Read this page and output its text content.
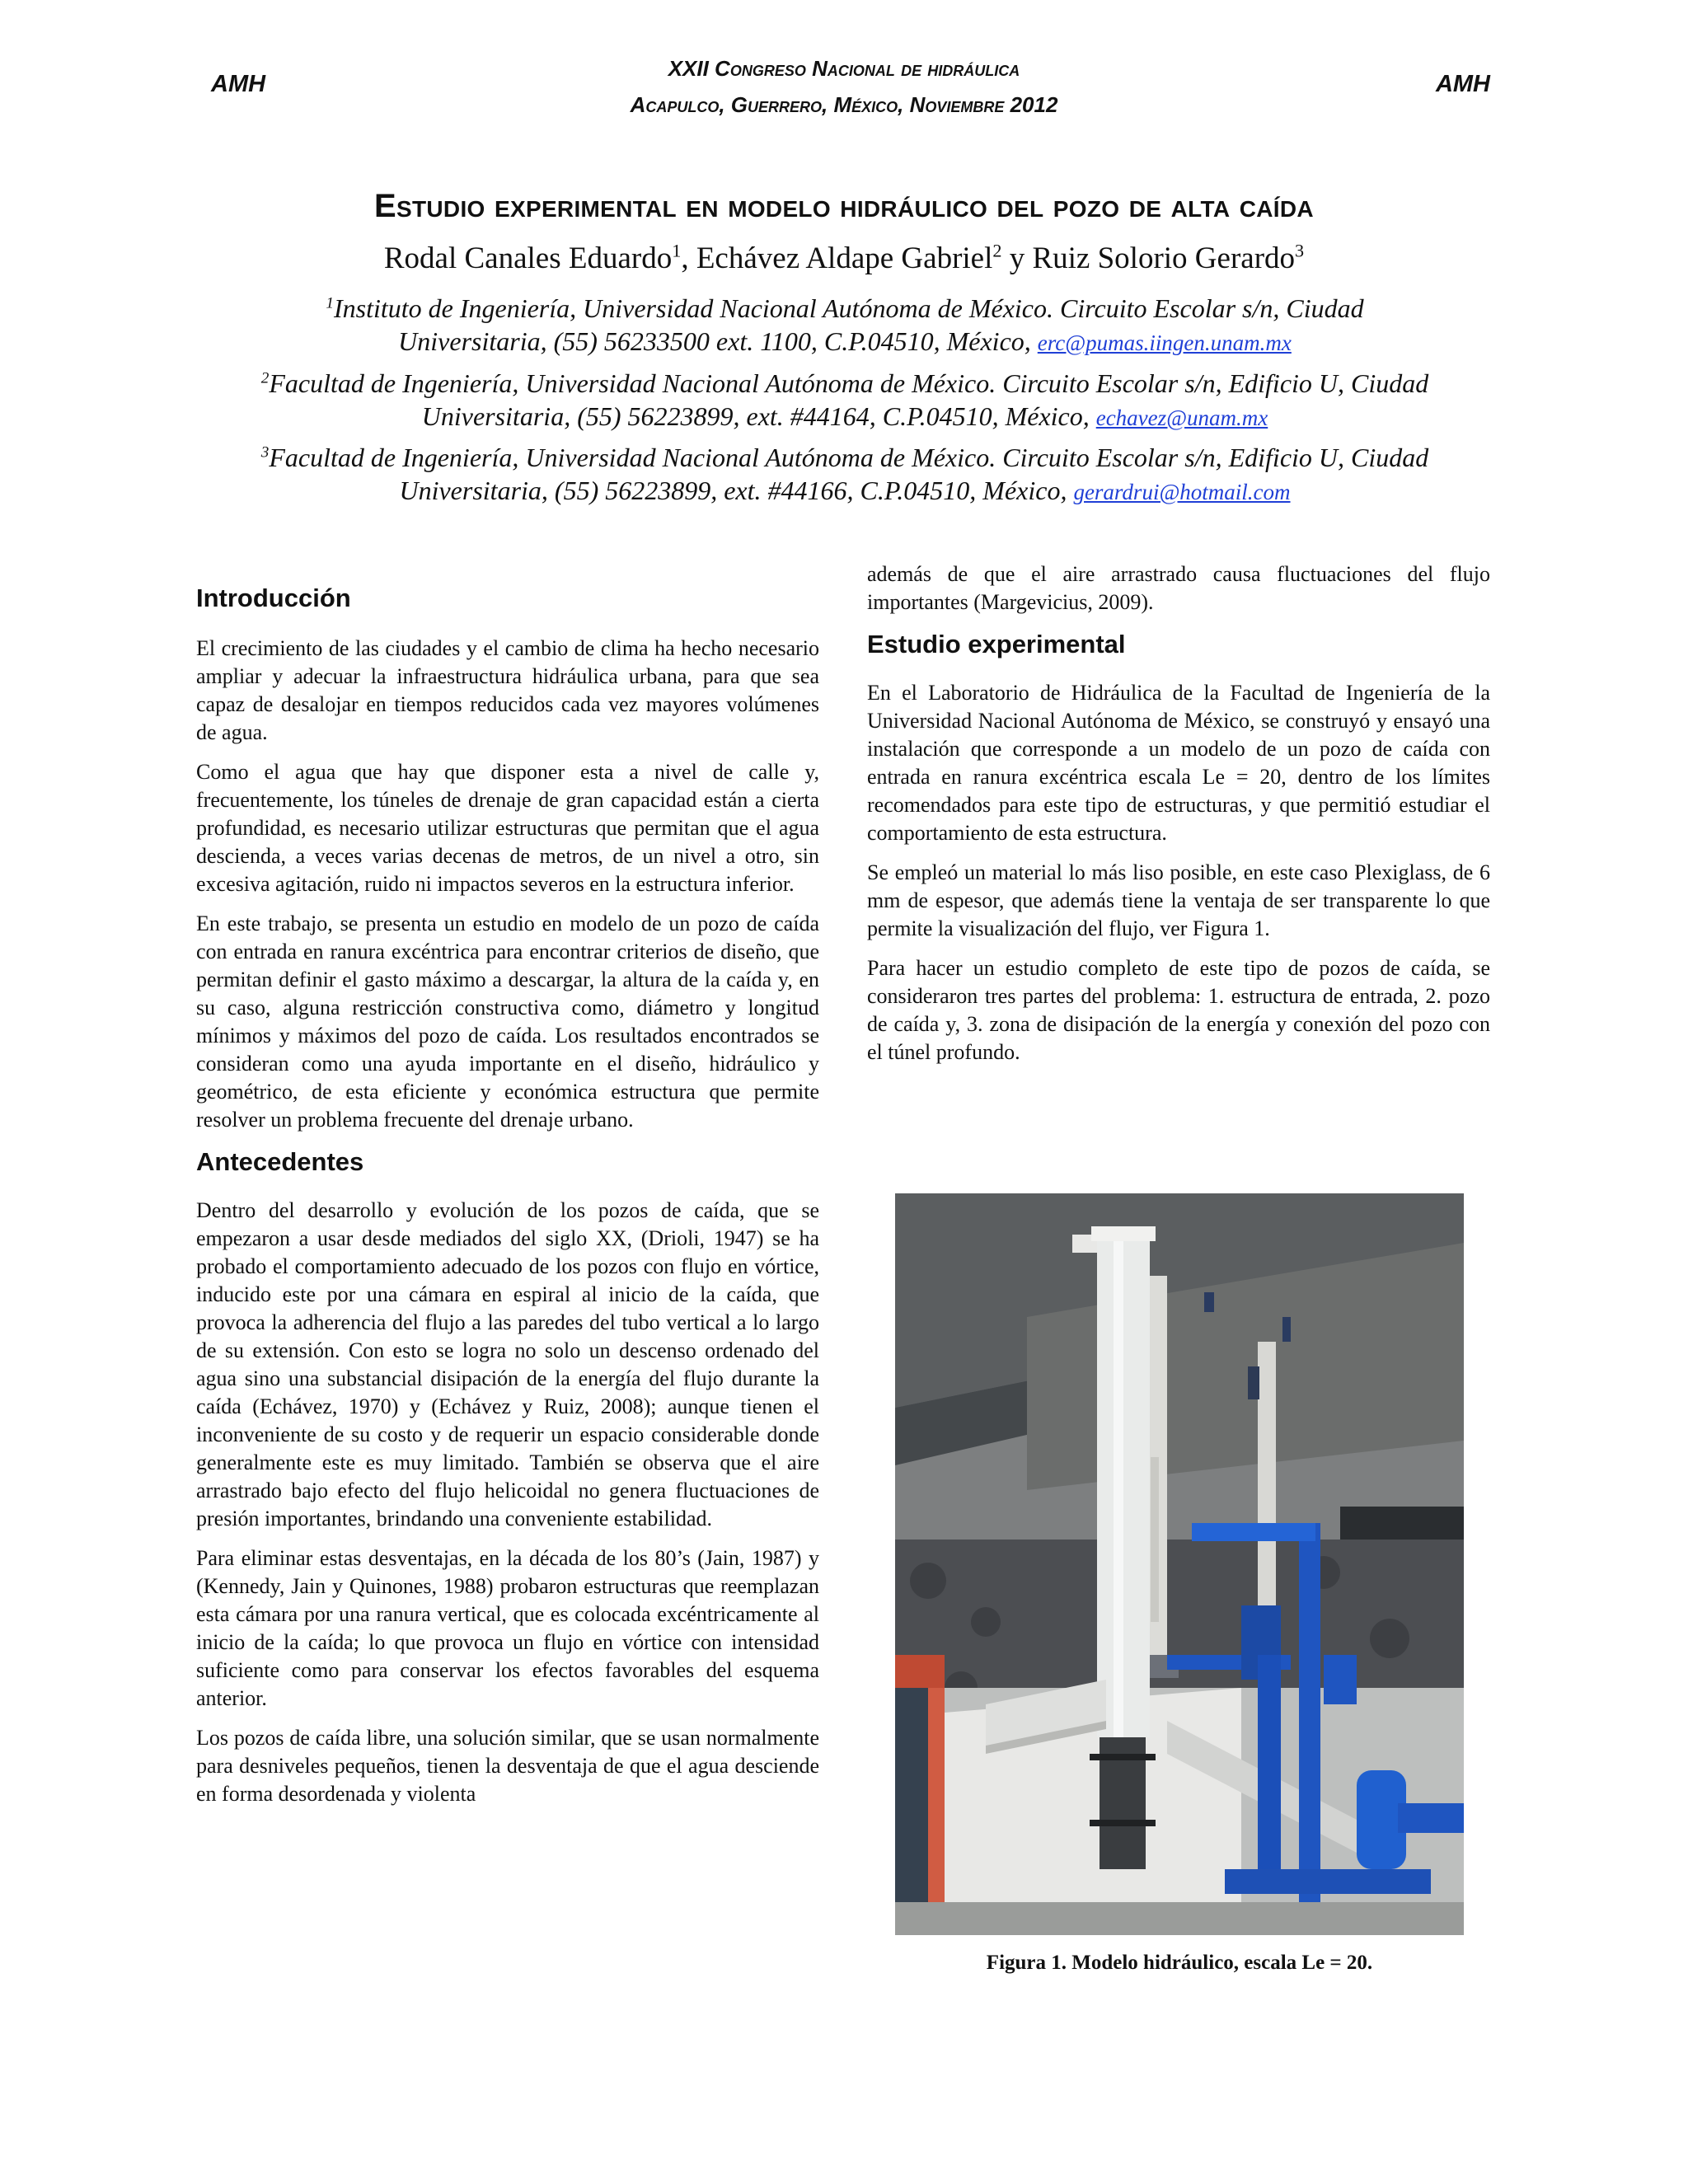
AMH	AMH
XXII Congreso Nacional de hidráulica
Acapulco, Guerrero, México, Noviembre 2012
Estudio experimental en modelo hidráulico del pozo de alta caída
Rodal Canales Eduardo$^1$, Echávez Aldape Gabriel$^2$ y Ruiz Solorio Gerardo$^3$
$^1$Instituto de Ingeniería, Universidad Nacional Autónoma de México. Circuito Escolar s/n, Ciudad
Universitaria, (55) 56233500 ext. 1100, C.P.04510, México, erc@pumas.iingen.unam.mx
$^2$Facultad de Ingeniería, Universidad Nacional Autónoma de México. Circuito Escolar s/n, Edificio U, Ciudad
Universitaria, (55) 56223899, ext. #44164, C.P.04510, México, echavez@unam.mx
$^3$Facultad de Ingeniería, Universidad Nacional Autónoma de México. Circuito Escolar s/n, Edificio U, Ciudad
Universitaria, (55) 56223899, ext. #44166, C.P.04510, México, gerardrui@hotmail.com
Introducción

El crecimiento de las ciudades y el cambio de clima ha hecho necesario ampliar y adecuar la infraestructura hidráulica urbana, para que sea capaz de desalojar en tiempos reducidos cada vez mayores volúmenes de agua.

Como el agua que hay que disponer esta a nivel de calle y, frecuentemente, los túneles de drenaje de gran capacidad están a cierta profundidad, es necesario utilizar estructuras que permitan que el agua descienda, a veces varias decenas de metros, de un nivel a otro, sin excesiva agitación, ruido ni impactos severos en la estructura inferior.

En este trabajo, se presenta un estudio en modelo de un pozo de caída con entrada en ranura excéntrica para encontrar criterios de diseño, que permitan definir el gasto máximo a descargar, la altura de la caída y, en su caso, alguna restricción constructiva como, diámetro y longitud mínimos y máximos del pozo de caída. Los resultados encontrados se consideran como una ayuda importante en el diseño, hidráulico y geométrico, de esta eficiente y económica estructura que permite resolver un problema frecuente del drenaje urbano.

Antecedentes

Dentro del desarrollo y evolución de los pozos de caída, que se empezaron a usar desde mediados del siglo XX, (Drioli, 1947) se ha probado el comportamiento adecuado de los pozos con flujo en vórtice, inducido este por una cámara en espiral al inicio de la caída, que provoca la adherencia del flujo a las paredes del tubo vertical a lo largo de su extensión. Con esto se logra no solo un descenso ordenado del agua sino una substancial disipación de la energía del flujo durante la caída (Echávez, 1970) y (Echávez y Ruiz, 2008); aunque tienen el inconveniente de su costo y de requerir un espacio considerable donde generalmente este es muy limitado. También se observa que el aire arrastrado bajo efecto del flujo helicoidal no genera fluctuaciones de presión importantes, brindando una conveniente estabilidad.

Para eliminar estas desventajas, en la década de los 80’s (Jain, 1987) y (Kennedy, Jain y Quinones, 1988) probaron estructuras que reemplazan esta cámara por una ranura vertical, que es colocada excéntricamente al inicio de la caída; lo que provoca un flujo en vórtice con intensidad suficiente como para conservar los efectos favorables del esquema anterior.

Los pozos de caída libre, una solución similar, que se usan normalmente para desniveles pequeños, tienen la desventaja de que el agua desciende en forma desordenada y violenta

además de que el aire arrastrado causa fluctuaciones del flujo importantes (Margevicius, 2009).

Estudio experimental

En el Laboratorio de Hidráulica de la Facultad de Ingeniería de la Universidad Nacional Autónoma de México, se construyó y ensayó una instalación que corresponde a un modelo de un pozo de caída con entrada en ranura excéntrica escala Le = 20, dentro de los límites recomendados para este tipo de estructuras, y que permitió estudiar el comportamiento de esta estructura.

Se empleó un material lo más liso posible, en este caso Plexiglass, de 6 mm de espesor, que además tiene la ventaja de ser transparente lo que permite la visualización del flujo, ver Figura 1.

Para hacer un estudio completo de este tipo de pozos de caída, se consideraron tres partes del problema: 1. estructura de entrada, 2. pozo de caída y, 3. zona de disipación de la energía y conexión del pozo con el túnel profundo.

Figura 1. Modelo hidráulico, escala Le = 20.
